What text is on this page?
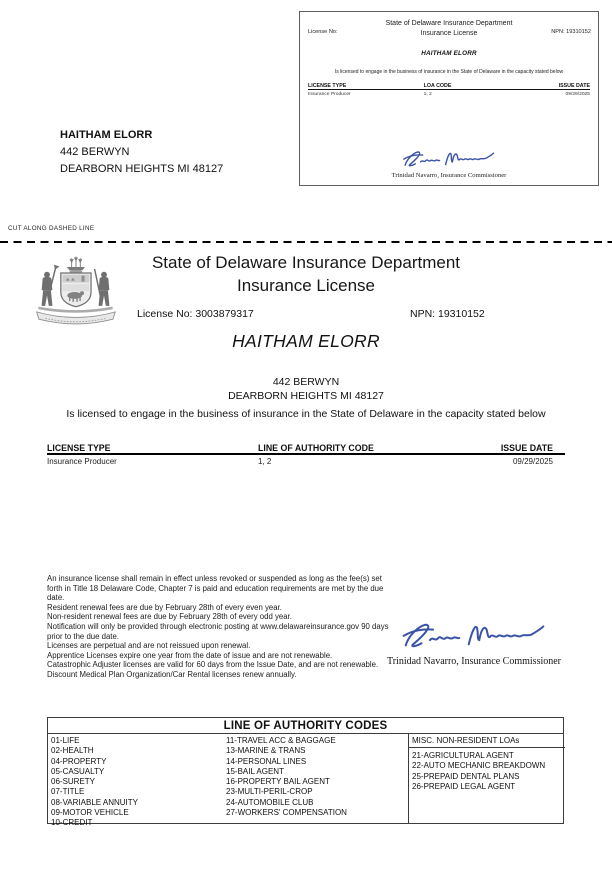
License No:
State of Delaware Insurance Department
Insurance License	NPN: 19310152
HAITHAM ELORR
Is licensed to engage in the business of insurance in the State of Delaware in the capacity stated below
LICENSE TYPE	LOA CODE	ISSUE DATE
Insurance Producer	1, 2	09/29/2025
Trinidad Navarro, Insurance Commissioner
HAITHAM ELORR
442 BERWYN
DEARBORN HEIGHTS MI 48127
CUT ALONG DASHED LINE
State of Delaware Insurance Department
Insurance License
License No: 3003879317	NPN: 19310152
HAITHAM ELORR
442 BERWYN
DEARBORN HEIGHTS MI 48127
Is licensed to engage in the business of insurance in the State of Delaware in the capacity stated below
LICENSE TYPE	LINE OF AUTHORITY CODE	ISSUE DATE
Insurance Producer	1, 2	09/29/2025
An insurance license shall remain in effect unless revoked or suspended as long as the fee(s) set forth in Title 18 Delaware Code, Chapter 7 is paid and education requirements are met by the due date.
Resident renewal fees are due by February 28th of every even year.
Non-resident renewal fees are due by February 28th of every odd year.
Notification will only be provided through electronic posting at www.delawareinsurance.gov 90 days prior to the due date.
Licenses are perpetual and are not reissued upon renewal.
Apprentice Licenses expire one year from the date of issue and are not renewable.
Catastrophic Adjuster licenses are valid for 60 days from the Issue Date, and are not renewable.
Discount Medical Plan Organization/Car Rental licenses renew annually.
Trinidad Navarro, Insurance Commissioner
LINE OF AUTHORITY CODES
01-LIFE
02-HEALTH
04-PROPERTY
05-CASUALTY
06-SURETY
07-TITLE
08-VARIABLE ANNUITY
09-MOTOR VEHICLE
10-CREDIT
11-TRAVEL ACC & BAGGAGE
13-MARINE & TRANS
14-PERSONAL LINES
15-BAIL AGENT
16-PROPERTY BAIL AGENT
23-MULTI-PERIL-CROP
24-AUTOMOBILE CLUB
27-WORKERS' COMPENSATION
MISC. NON-RESIDENT LOAs
21-AGRICULTURAL AGENT
22-AUTO MECHANIC BREAKDOWN
25-PREPAID DENTAL PLANS
26-PREPAID LEGAL AGENT
